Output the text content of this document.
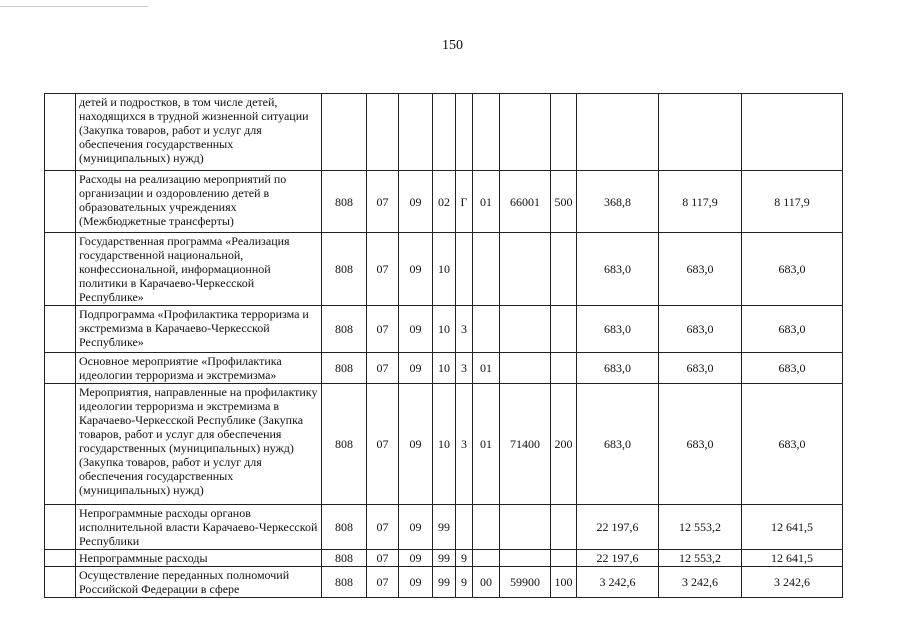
150
	детей и подростков, в том числе детей, находящихся в трудной жизненной ситуации (Закупка товаров, работ и услуг для обеспечения государственных (муниципальных) нужд)											
	Расходы на реализацию мероприятий по организации и оздоровлению детей в образовательных учреждениях (Межбюджетные трансферты)	808	07	09	02	Г	01	66001	500	368,8	8 117,9	8 117,9
	Государственная программа «Реализация государственной национальной, конфессиональной, информационной политики в Карачаево-Черкесской Республике»	808	07	09	10					683,0	683,0	683,0
	Подпрограмма «Профилактика терроризма и экстремизма в Карачаево-Черкесской Республике»	808	07	09	10	3				683,0	683,0	683,0
	Основное мероприятие «Профилактика идеологии терроризма и экстремизма»	808	07	09	10	3	01			683,0	683,0	683,0
	Мероприятия, направленные на профилактику идеологии терроризма и экстремизма в Карачаево-Черкесской Республике (Закупка товаров, работ и услуг для обеспечения государственных (муниципальных) нужд) (Закупка товаров, работ и услуг для обеспечения государственных (муниципальных) нужд)	808	07	09	10	3	01	71400	200	683,0	683,0	683,0
	Непрограммные расходы органов исполнительной власти Карачаево-Черкесской Республики	808	07	09	99					22 197,6	12 553,2	12 641,5
	Непрограммные расходы	808	07	09	99	9				22 197,6	12 553,2	12 641,5
	Осуществление переданных полномочий Российской Федерации в сфере	808	07	09	99	9	00	59900	100	3 242,6	3 242,6	3 242,6
